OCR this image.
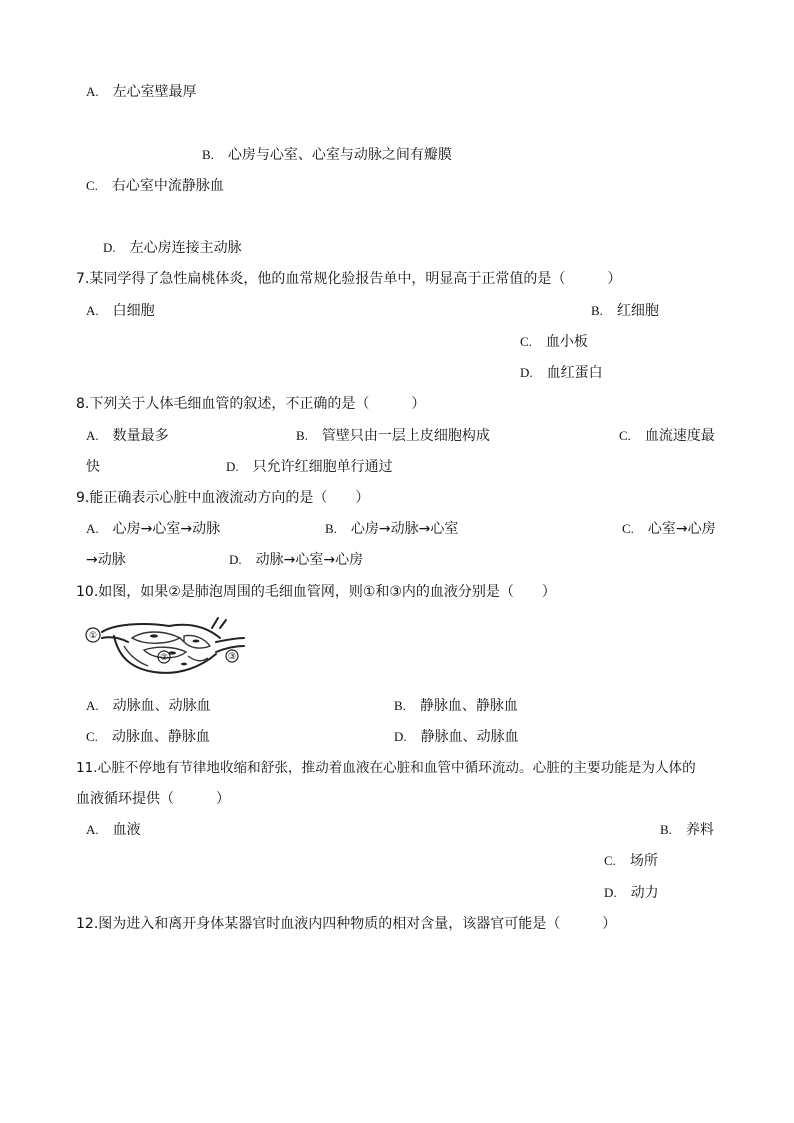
A. 左心室壁最厚
B. 心房与心室、心室与动脉之间有瓣膜
C. 右心室中流静脉血
D. 左心房连接主动脉
7.某同学得了急性扁桃体炎，他的血常规化验报告单中，明显高于正常值的是（　　　）
A. 白细胞	B. 红细胞
C. 血小板
D. 血红蛋白
8.下列关于人体毛细血管的叙述，不正确的是（　　　）
A. 数量最多	B. 管壁只由一层上皮细胞构成	C. 血流速度最
快	D. 只允许红细胞单行通过
9.能正确表示心脏中血液流动方向的是（　　）
A. 心房→心室→动脉	B. 心房→动脉→心室	C. 心室→心房
→动脉	D. 动脉→心室→心房
10.如图，如果②是肺泡周围的毛细血管网，则①和③内的血液分别是（　　）
①
②	③
A. 动脉血、动脉血	B. 静脉血、静脉血
C. 动脉血、静脉血	D. 静脉血、动脉血
11.心脏不停地有节律地收缩和舒张，推动着血液在心脏和血管中循环流动。心脏的主要功能是为人体的
血液循环提供（　　　）
A. 血液	B. 养料
C. 场所
D. 动力
12.图为进入和离开身体某器官时血液内四种物质的相对含量，该器官可能是（　　　）
